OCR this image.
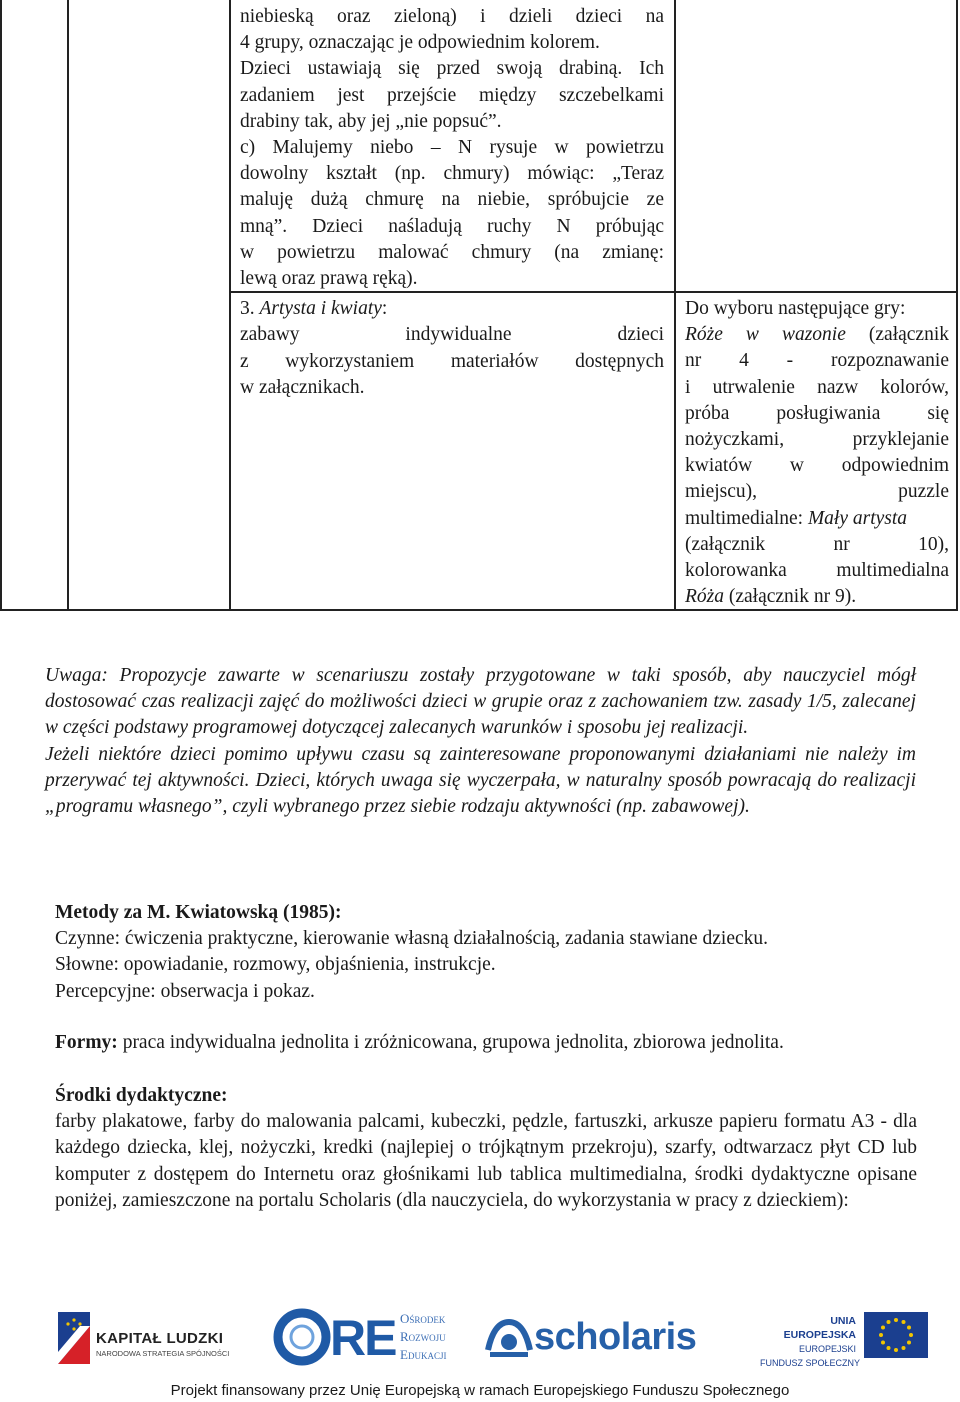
niebieską oraz zieloną) i dzieli dzieci na
4 grupy, oznaczając je odpowiednim kolorem.
Dzieci ustawiają się przed swoją drabiną. Ich
zadaniem jest przejście między szczebelkami
drabiny tak, aby jej „nie popsuć”.
c) Malujemy niebo – N rysuje w powietrzu
dowolny kształt (np. chmury) mówiąc: „Teraz
maluję dużą chmurę na niebie, spróbujcie ze
mną”. Dzieci naśladują ruchy N próbując
w powietrzu malować chmury (na zmianę:
lewą oraz prawą ręką).
3. Artysta i kwiaty:
zabawy indywidualne dzieci
z wykorzystaniem materiałów dostępnych
w załącznikach.
Do wyboru następujące gry:
Róże w wazonie (załącznik
nr 4 - rozpoznawanie
i utrwalenie nazw kolorów,
próba posługiwania się
nożyczkami, przyklejanie
kwiatów w odpowiednim
miejscu), puzzle
multimedialne: Mały artysta
(załącznik nr 10),
kolorowanka multimedialna
Róża (załącznik nr 9).
Uwaga: Propozycje zawarte w scenariuszu zostały przygotowane w taki sposób, aby nauczyciel mógł dostosować czas realizacji zajęć do możliwości dzieci w grupie oraz z zachowaniem tzw. zasady 1/5, zalecanej w części podstawy programowej dotyczącej zalecanych warunków i sposobu jej realizacji.
Jeżeli niektóre dzieci pomimo upływu czasu są zainteresowane proponowanymi działaniami nie należy im przerywać tej aktywności. Dzieci, których uwaga się wyczerpała, w naturalny sposób powracają do realizacji „programu własnego”, czyli wybranego przez siebie rodzaju aktywności (np. zabawowej).
Metody za M. Kwiatowską (1985):
Czynne: ćwiczenia praktyczne, kierowanie własną działalnością, zadania stawiane dziecku.
Słowne: opowiadanie, rozmowy, objaśnienia, instrukcje.
Percepcyjne: obserwacja i pokaz.
Formy: praca indywidualna jednolita i zróżnicowana, grupowa jednolita, zbiorowa jednolita.
Środki dydaktyczne:
farby plakatowe, farby do malowania palcami, kubeczki, pędzle, fartuszki, arkusze papieru formatu A3 - dla każdego dziecka, klej, nożyczki, kredki (najlepiej o trójkątnym przekroju), szarfy, odtwarzacz płyt CD lub komputer z dostępem do Internetu oraz głośnikami lub tablica multimedialna, środki dydaktyczne opisane poniżej, zamieszczone na portalu Scholaris (dla nauczyciela, do wykorzystania w pracy z dzieckiem):
KAPITAŁ LUDZKI
NARODOWA STRATEGIA SPÓJNOŚCI RE Ośrodek
Rozwoju
Edukacji scholaris	UNIA EUROPEJSKA
EUROPEJSKI
FUNDUSZ SPOŁECZNY
Projekt finansowany przez Unię Europejską w ramach Europejskiego Funduszu Społecznego
